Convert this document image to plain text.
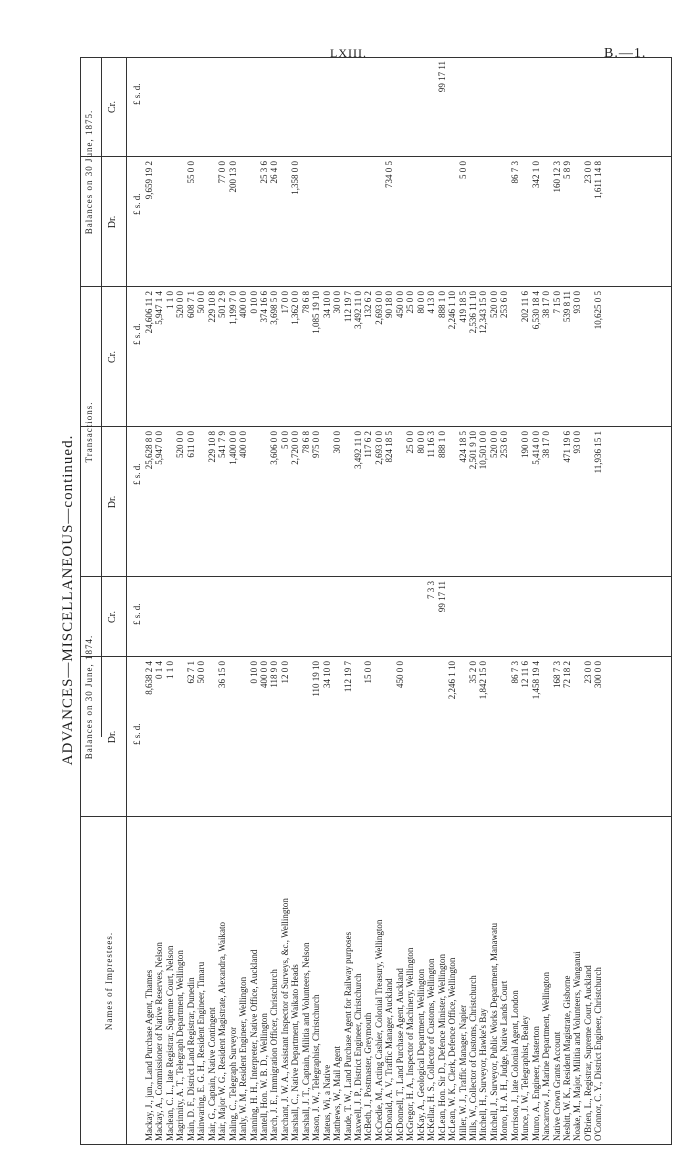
LXIII.	B.—1.
ADVANCES—MISCELLANEOUS—continued.
Names of Imprestees.
Balances on 30 June, 1874.
Transactions.
Balances on 30 June, 1875.
Dr.
Cr.
Dr.
Cr.
Dr.
Cr.
£ s. d.
£ s. d.
£ s. d.
£ s. d.
£ s. d.
£ s. d.
Mackay, J., jun., Land Purchase Agent, Thames
8,638 2 4
25,628 8 0
24,606 11 2
9,659 19 2
Mackay, A., Commissioner of Native Reserves, Nelson
0 1 4
5,947 0 0
5,947 1 4
Maclean, C. L., late Registrar, Supreme Court, Nelson
1 1 0
1 1 0
Magrinnity, A. T., Telegraph Department, Wellington
520 0 0
520 0 0
Main, D. F., District Land Registrar, Dunedin
62 7 1
611 0 0
608 7 1
55 0 0
Mainwaring, E. G. H., Resident Engineer, Timaru
50 0 0
50 0 0
Mair, G., Captain, Native Contingent
229 10 8
229 10 8
Mair, Major W. G., Resident Magistrate, Alexandra, Waikato
36 15 0
541 7 9
501 2 9
77 0 0
Maling, C., Telegraph Surveyor
1,400 0 0
1,199 7 0
200 13 0
Manly, W. M., Resident Engineer, Wellington
400 0 0
400 0 0
Manning, H. H., Interpreter, Native Office, Auckland
0 10 0
0 10 0
Mantell, Hon. W. B. D., Wellington
400 0 0
374 16 6
25 3 6
March, J. E., Immigration Officer, Christchurch
118 9 0
3,606 0 0
3,698 5 0
26 4 0
Marchant, J. W. A., Assistant Inspector of Surveys, &c., Wellington
12 0 0
5 0 0
17 0 0
Marshall, C., Native Department, Waikato Heads
2,720 0 0
1,362 0 0
1,358 0 0
Marshall, J. T., Captain, Militia and Volunteers, Nelson
78 6 8
78 6 8
Mason, J. W., Telegraphist, Christchurch
110 19 10
975 0 0
1,085 19 10
Mateus, Wi, a Native
34 10 0
34 10 0
Matthews, W., Mail Agent
30 0 0
30 0 0
Maude, T. W., Land Purchase Agent for Railway purposes
112 19 7
112 19 7
Maxwell, J. P., District Engineer, Christchurch
3,492 11 0
3,492 11 0
McBeth, J., Postmaster, Greymouth
15 0 0
117 6 2
132 6 2
McCredie, M., Acting Cashier, Colonial Treasury, Wellington
2,693 0 0
2,693 0 0
McDonald, A. V., Traffic Manager, Auckland
824 18 5
90 18 0
734 0 5
McDonnell, T., Land Purchase Agent, Auckland
450 0 0
450 0 0
McGregor, H. A., Inspector of Machinery, Wellington
25 0 0
25 0 0
McKay, A., Geological Department, Wellington
80 0 0
80 0 0
McKellar, H. S., Collector of Customs, Wellington
7 3 3
11 16 3
4 13 0
McLean, Hon. Sir D., Defence Minister, Wellington
99 17 11
888 1 0
888 1 0
99 17 11
McLean, W. K., Clerk, Defence Office, Wellington
2,246 1 10
2,246 1 10
Miller, W. J., Traffic Manager, Napier
424 18 5
419 18 5
5 0 0
Mills, W., Collector of Customs, Christchurch
35 2 0
2,501 9 10
2,536 11 10
Mitchell, H., Surveyor, Hawke's Bay
1,842 15 0
10,501 0 0
12,343 15 0
Mitchell, J., Surveyor, Public Works Department, Manawatu
520 0 0
520 0 0
Monro, H. A. H., Judge, Native Lands Court
253 6 0
253 6 0
Morrison, J., late Colonial Agent, London
86 7 3
86 7 3
Munce, J. W., Telegraphist, Bealey
12 11 6
190 0 0
202 11 6
Munro, A., Engineer, Masterton
1,458 19 4
5,414 0 0
6,530 18 4
342 1 0
Nancarrow, J., Marine Department, Wellington
38 17 0
38 17 0
Native Crown Grants Account
168 7 3
7 15 0
160 12 3
Nesbitt, W. K., Resident Magistrate, Gisborne
72 18 2
471 19 6
539 8 11
5 8 9
Noake, M., Major, Militia and Volunteers, Wanganui
93 0 0
93 0 0
O'Brien, L., Registrar, Supreme Court, Auckland
23 0 0
23 0 0
O'Connor, C. Y., District Engineer, Christchurch
300 0 0
11,936 15 1
10,625 0 5
1,611 14 8
